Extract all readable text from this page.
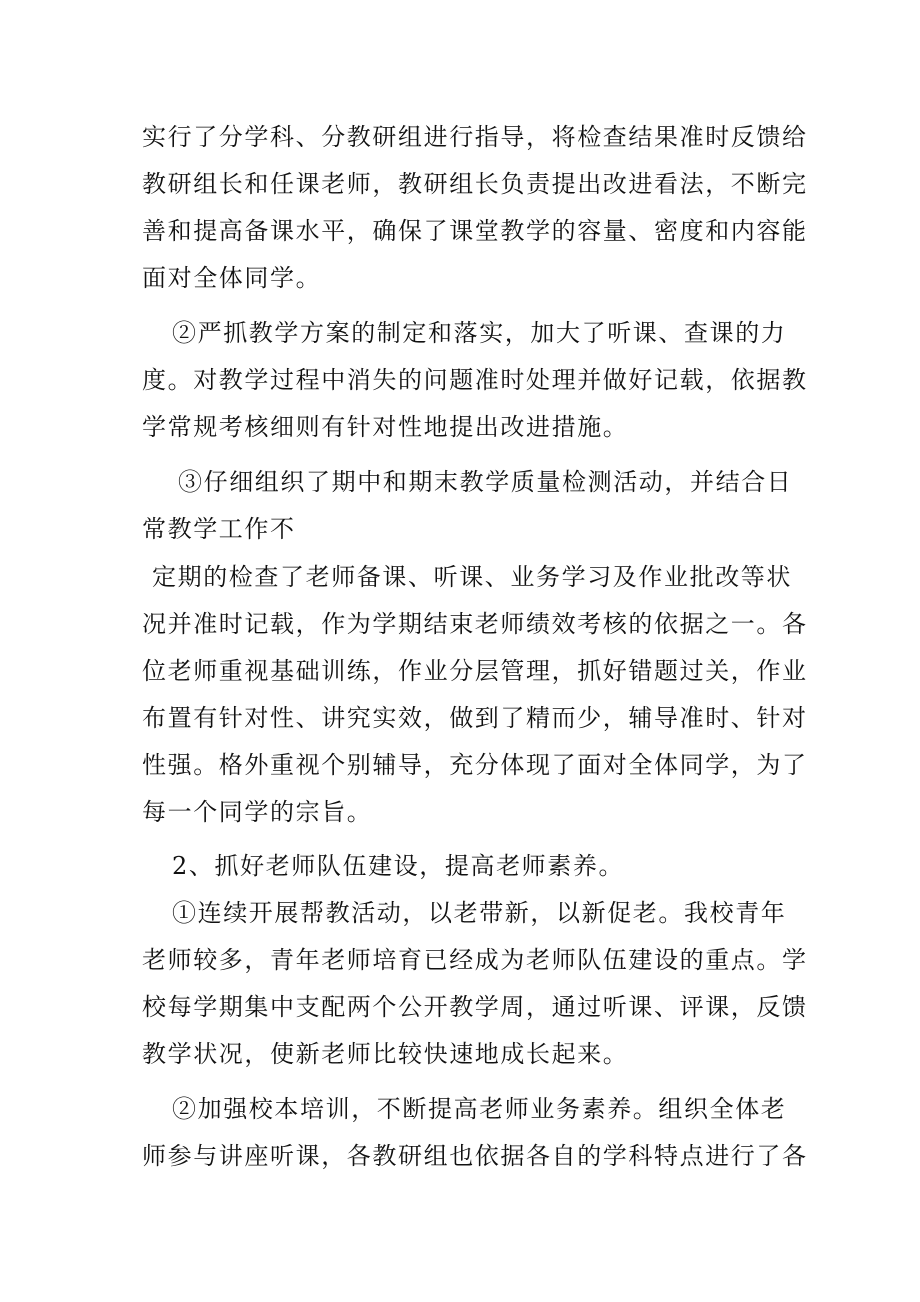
实行了分学科、分教研组进行指导，将检查结果准时反馈给
教研组长和任课老师，教研组长负责提出改进看法，不断完
善和提高备课水平，确保了课堂教学的容量、密度和内容能
面对全体同学。
②严抓教学方案的制定和落实，加大了听课、查课的力
度。对教学过程中消失的问题准时处理并做好记载，依据教
学常规考核细则有针对性地提出改进措施。
③仔细组织了期中和期末教学质量检测活动，并结合日
常教学工作不
定期的检查了老师备课、听课、业务学习及作业批改等状
况并准时记载，作为学期结束老师绩效考核的依据之一。各
位老师重视基础训练，作业分层管理，抓好错题过关，作业
布置有针对性、讲究实效，做到了精而少，辅导准时、针对
性强。格外重视个别辅导，充分体现了面对全体同学，为了
每一个同学的宗旨。
2、抓好老师队伍建设，提高老师素养。
①连续开展帮教活动，以老带新，以新促老。我校青年
老师较多，青年老师培育已经成为老师队伍建设的重点。学
校每学期集中支配两个公开教学周，通过听课、评课，反馈
教学状况，使新老师比较快速地成长起来。
②加强校本培训，不断提高老师业务素养。组织全体老
师参与讲座听课，各教研组也依据各自的学科特点进行了各
